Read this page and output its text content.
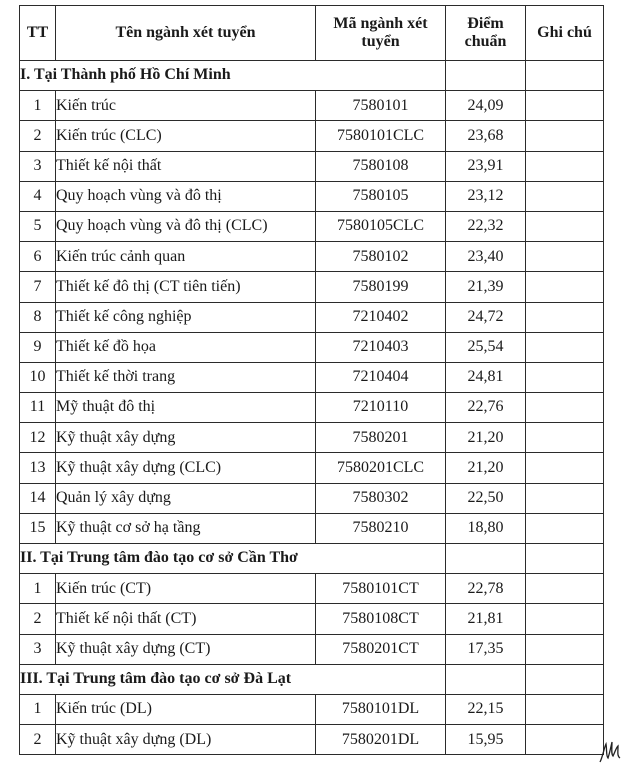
TT	Tên ngành xét tuyển	Mã ngành xét tuyển	Điểm chuẩn	Ghi chú
I. Tại Thành phố Hồ Chí Minh				
1	Kiến trúc	7580101	24,09	
2	Kiến trúc (CLC)	7580101CLC	23,68	
3	Thiết kế nội thất	7580108	23,91	
4	Quy hoạch vùng và đô thị	7580105	23,12	
5	Quy hoạch vùng và đô thị (CLC)	7580105CLC	22,32	
6	Kiến trúc cảnh quan	7580102	23,40	
7	Thiết kế đô thị (CT tiên tiến)	7580199	21,39	
8	Thiết kế công nghiệp	7210402	24,72	
9	Thiết kế đồ họa	7210403	25,54	
10	Thiết kế thời trang	7210404	24,81	
11	Mỹ thuật đô thị	7210110	22,76	
12	Kỹ thuật xây dựng	7580201	21,20	
13	Kỹ thuật xây dựng (CLC)	7580201CLC	21,20	
14	Quản lý xây dựng	7580302	22,50	
15	Kỹ thuật cơ sở hạ tầng	7580210	18,80	
II. Tại Trung tâm đào tạo cơ sở Cần Thơ				
1	Kiến trúc (CT)	7580101CT	22,78	
2	Thiết kế nội thất (CT)	7580108CT	21,81	
3	Kỹ thuật xây dựng (CT)	7580201CT	17,35	
III. Tại Trung tâm đào tạo cơ sở Đà Lạt				
1	Kiến trúc (DL)	7580101DL	22,15	
2	Kỹ thuật xây dựng (DL)	7580201DL	15,95	
